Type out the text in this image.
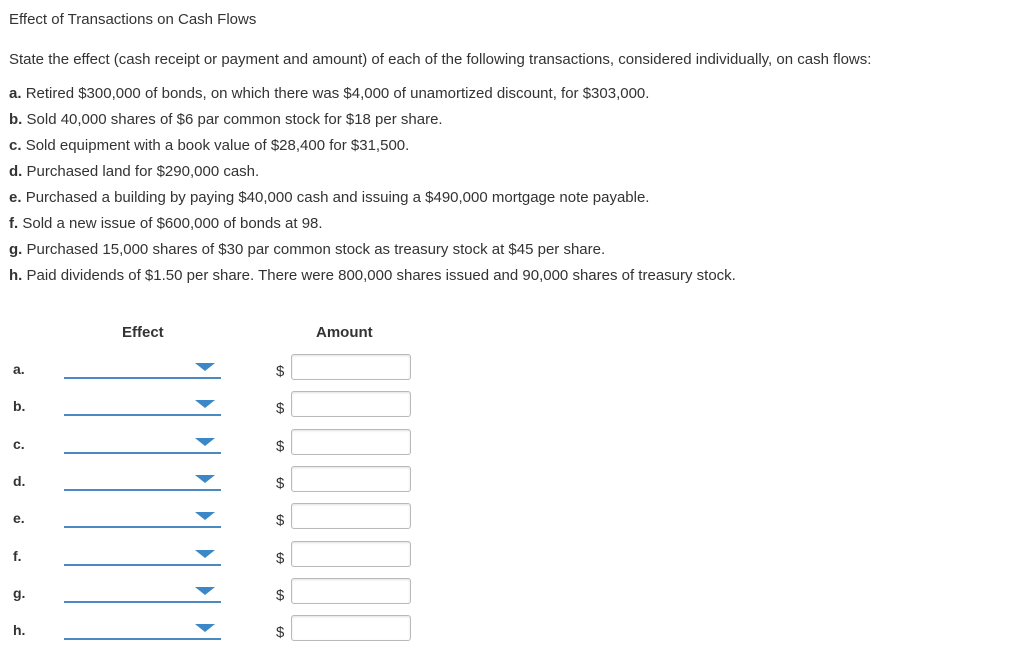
Effect of Transactions on Cash Flows
State the effect (cash receipt or payment and amount) of each of the following transactions, considered individually, on cash flows:
a. Retired $300,000 of bonds, on which there was $4,000 of unamortized discount, for $303,000.
b. Sold 40,000 shares of $6 par common stock for $18 per share.
c. Sold equipment with a book value of $28,400 for $31,500.
d. Purchased land for $290,000 cash.
e. Purchased a building by paying $40,000 cash and issuing a $490,000 mortgage note payable.
f. Sold a new issue of $600,000 of bonds at 98.
g. Purchased 15,000 shares of $30 par common stock as treasury stock at $45 per share.
h. Paid dividends of $1.50 per share. There were 800,000 shares issued and 90,000 shares of treasury stock.
Effect	Amount
a.	$
b.	$
c.	$
d.	$
e.	$
f.	$
g.	$
h.	$
